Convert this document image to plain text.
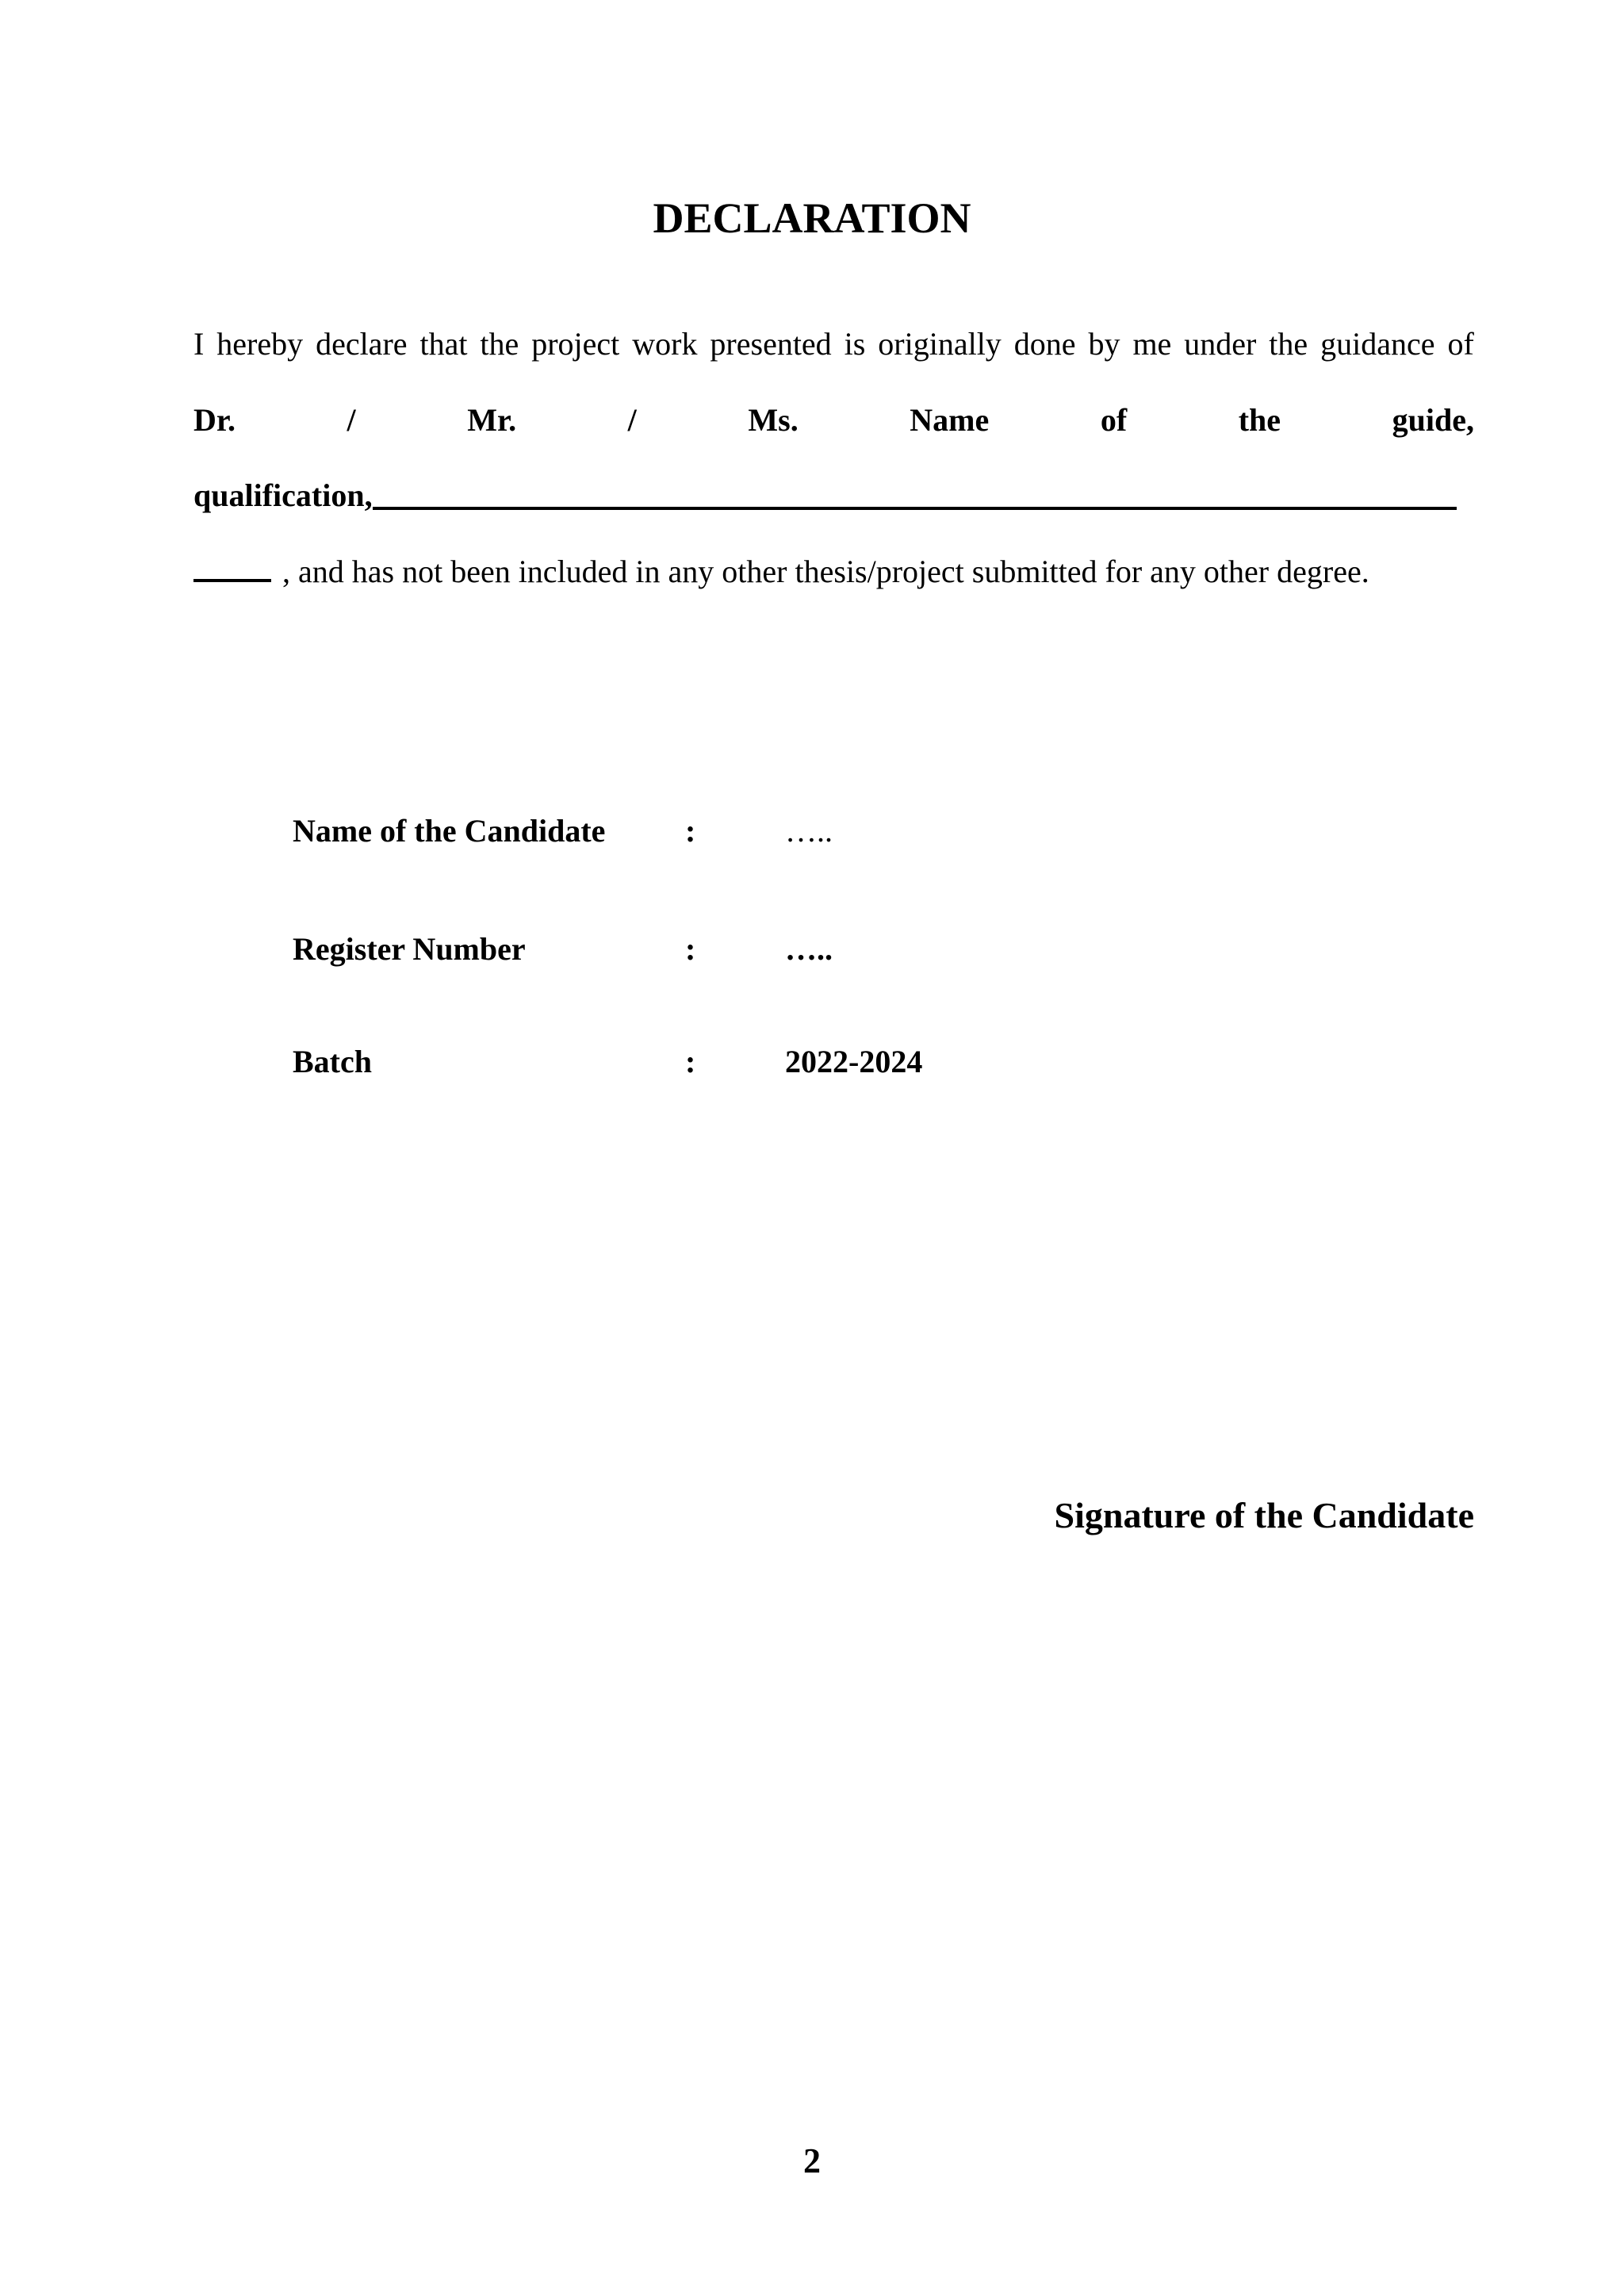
DECLARATION
I hereby declare that the project work presented is originally done by me under the guidance of
Dr.	/	Mr.	/	Ms.	Name	of	the	guide,
qualification,
, and has not been included in any other thesis/project submitted for any other degree.
Name of the Candidate	:	…..
Register Number	:	…..
Batch	:	2022-2024
Signature of the Candidate
2
